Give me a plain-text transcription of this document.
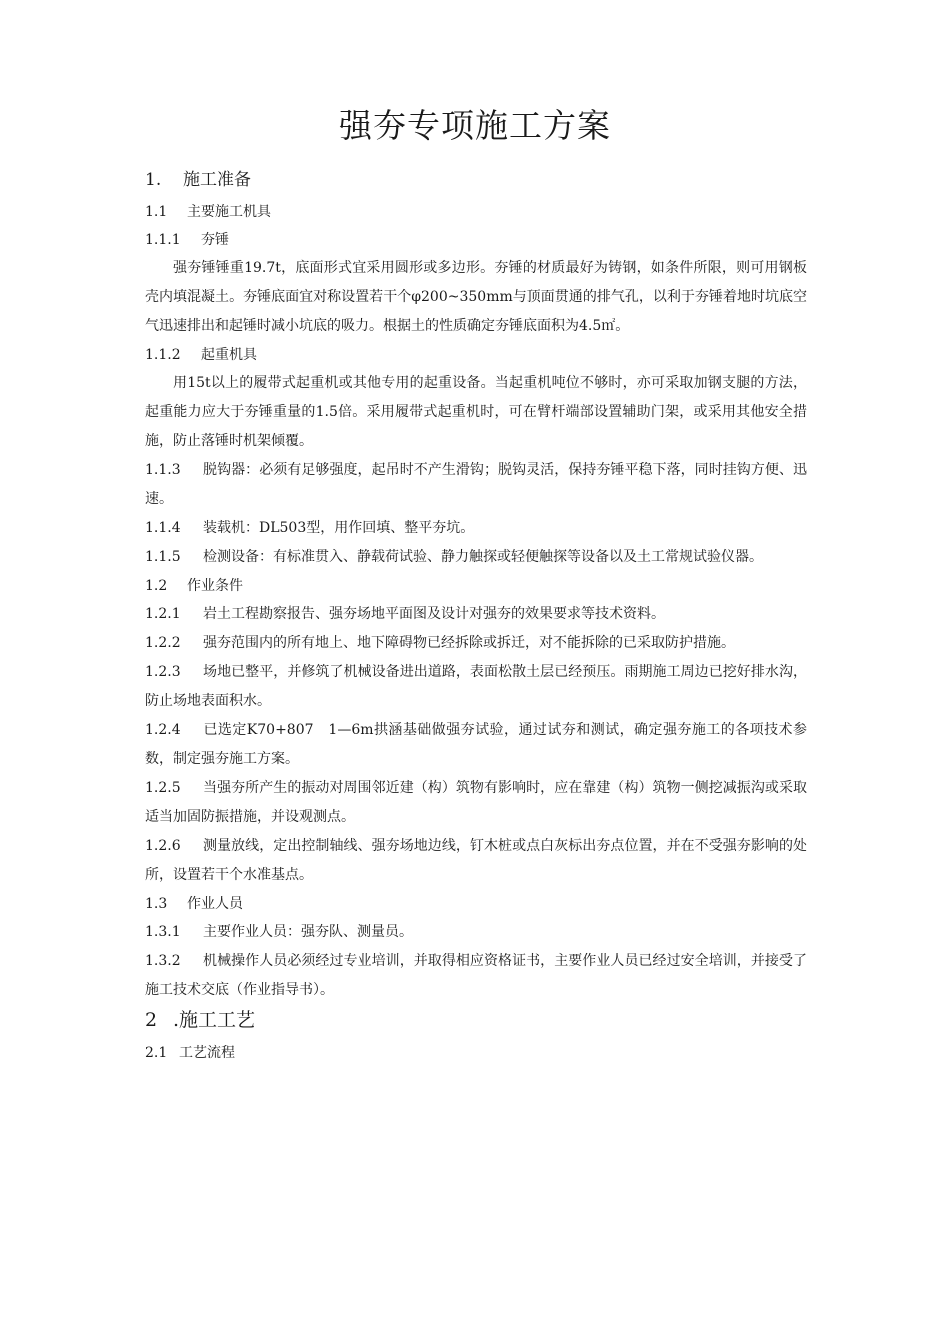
强夯专项施工方案

1. 施工准备

1.1 主要施工机具

1.1.1 夯锤

强夯锤锤重19.7t，底面形式宜采用圆形或多边形。夯锤的材质最好为铸钢，如条件所限，则可用钢板壳内填混凝土。夯锤底面宜对称设置若干个φ200~350mm与顶面贯通的排气孔，以利于夯锤着地时坑底空气迅速排出和起锤时减小坑底的吸力。根据土的性质确定夯锤底面积为4.5㎡。

1.1.2 起重机具

用15t以上的履带式起重机或其他专用的起重设备。当起重机吨位不够时，亦可采取加钢支腿的方法，起重能力应大于夯锤重量的1.5倍。采用履带式起重机时，可在臂杆端部设置辅助门架，或采用其他安全措施，防止落锤时机架倾覆。

1.1.3 脱钩器：必须有足够强度，起吊时不产生滑钩；脱钩灵活，保持夯锤平稳下落，同时挂钩方便、迅速。

1.1.4 装载机：DL503型，用作回填、整平夯坑。

1.1.5 检测设备：有标准贯入、静载荷试验、静力触探或轻便触探等设备以及土工常规试验仪器。

1.2 作业条件

1.2.1 岩土工程勘察报告、强夯场地平面图及设计对强夯的效果要求等技术资料。

1.2.2 强夯范围内的所有地上、地下障碍物已经拆除或拆迁，对不能拆除的已采取防护措施。

1.2.3 场地已整平，并修筑了机械设备进出道路，表面松散土层已经预压。雨期施工周边已挖好排水沟，防止场地表面积水。

1.2.4 已选定K70+807　1—6m拱涵基础做强夯试验，通过试夯和测试，确定强夯施工的各项技术参数，制定强夯施工方案。

1.2.5 当强夯所产生的振动对周围邻近建（构）筑物有影响时，应在靠建（构）筑物一侧挖减振沟或采取适当加固防振措施，并设观测点。

1.2.6 测量放线，定出控制轴线、强夯场地边线，钉木桩或点白灰标出夯点位置，并在不受强夯影响的处所，设置若干个水准基点。

1.3 作业人员

1.3.1 主要作业人员：强夯队、测量员。

1.3.2 机械操作人员必须经过专业培训，并取得相应资格证书，主要作业人员已经过安全培训，并接受了施工技术交底（作业指导书）。

2 .施工工艺

2.1 工艺流程
